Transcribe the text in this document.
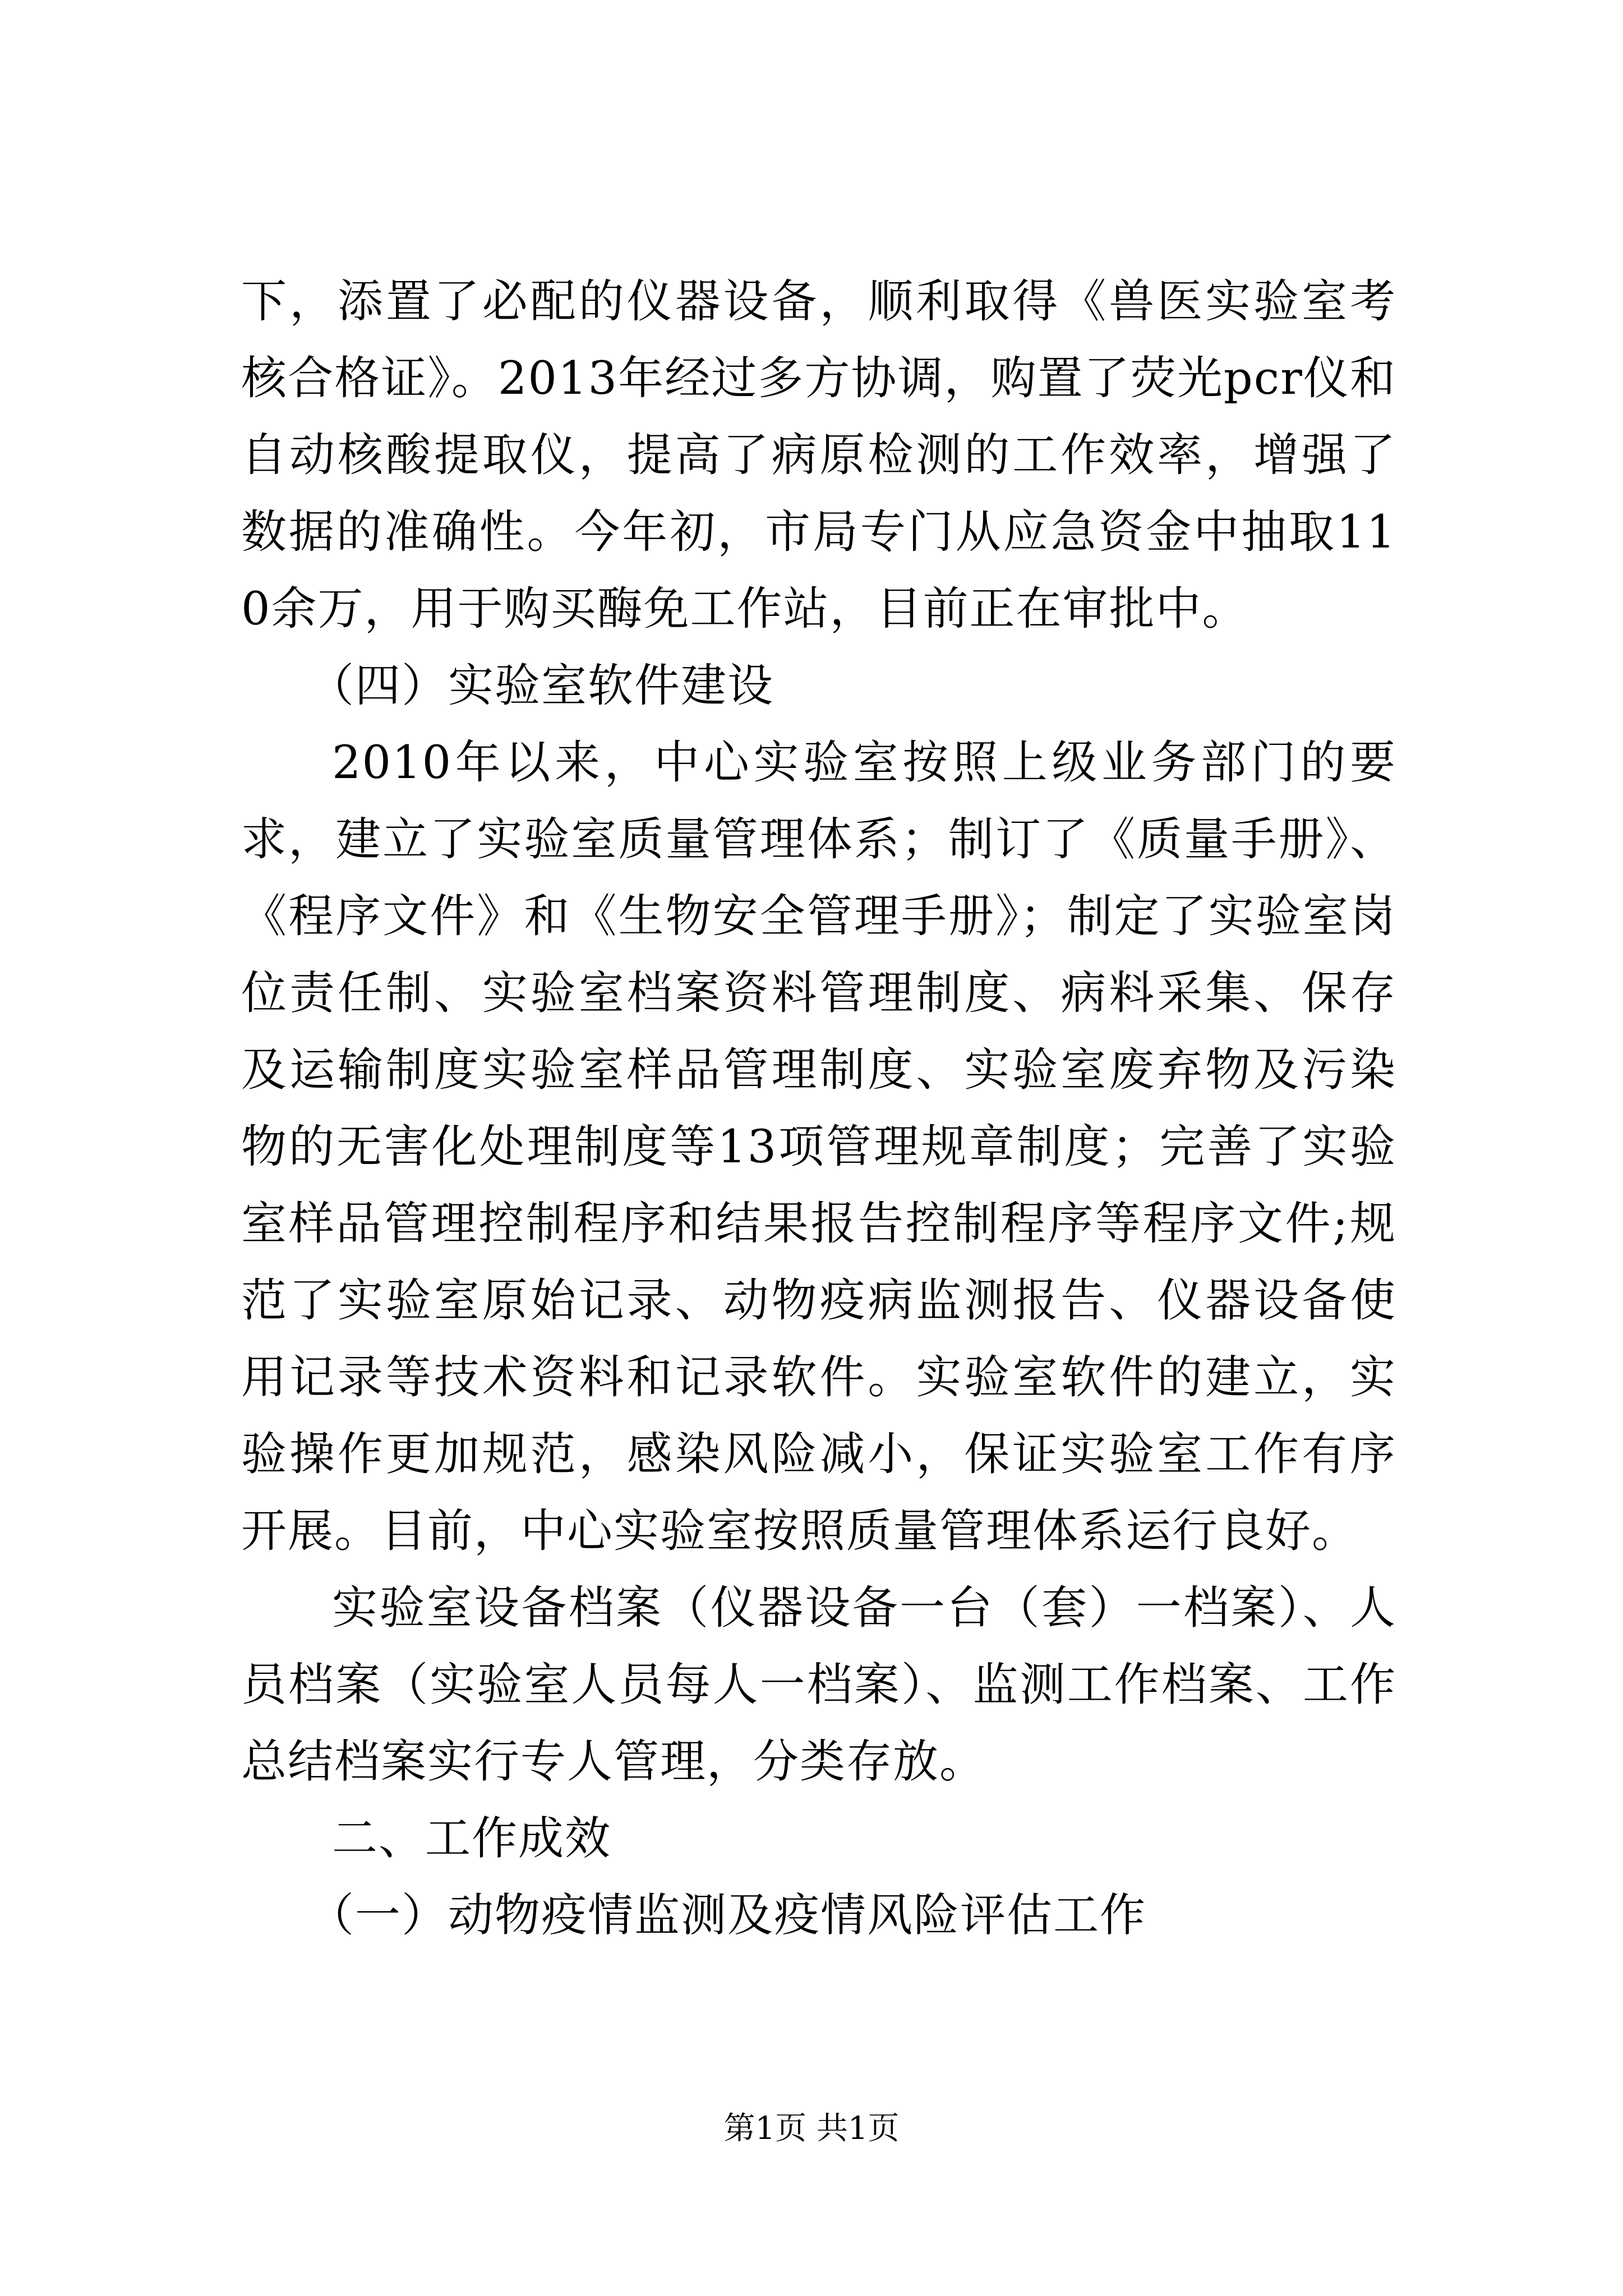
下，添置了必配的仪器设备，顺利取得《兽医实验室考核合格证》。2013年经过多方协调，购置了荧光pcr仪和自动核酸提取仪，提高了病原检测的工作效率，增强了数据的准确性。今年初，市局专门从应急资金中抽取110余万，用于购买酶免工作站，目前正在审批中。

（四）实验室软件建设

2010年以来，中心实验室按照上级业务部门的要求，建立了实验室质量管理体系；制订了《质量手册》、《程序文件》和《生物安全管理手册》；制定了实验室岗位责任制、实验室档案资料管理制度、病料采集、保存及运输制度实验室样品管理制度、实验室废弃物及污染物的无害化处理制度等13项管理规章制度；完善了实验室样品管理控制程序和结果报告控制程序等程序文件;规范了实验室原始记录、动物疫病监测报告、仪器设备使用记录等技术资料和记录软件。实验室软件的建立，实验操作更加规范，感染风险减小，保证实验室工作有序开展。目前，中心实验室按照质量管理体系运行良好。

实验室设备档案（仪器设备一台（套）一档案）、人员档案（实验室人员每人一档案）、监测工作档案、工作总结档案实行专人管理，分类存放。

二、工作成效

（一）动物疫情监测及疫情风险评估工作

第1页 共1页
